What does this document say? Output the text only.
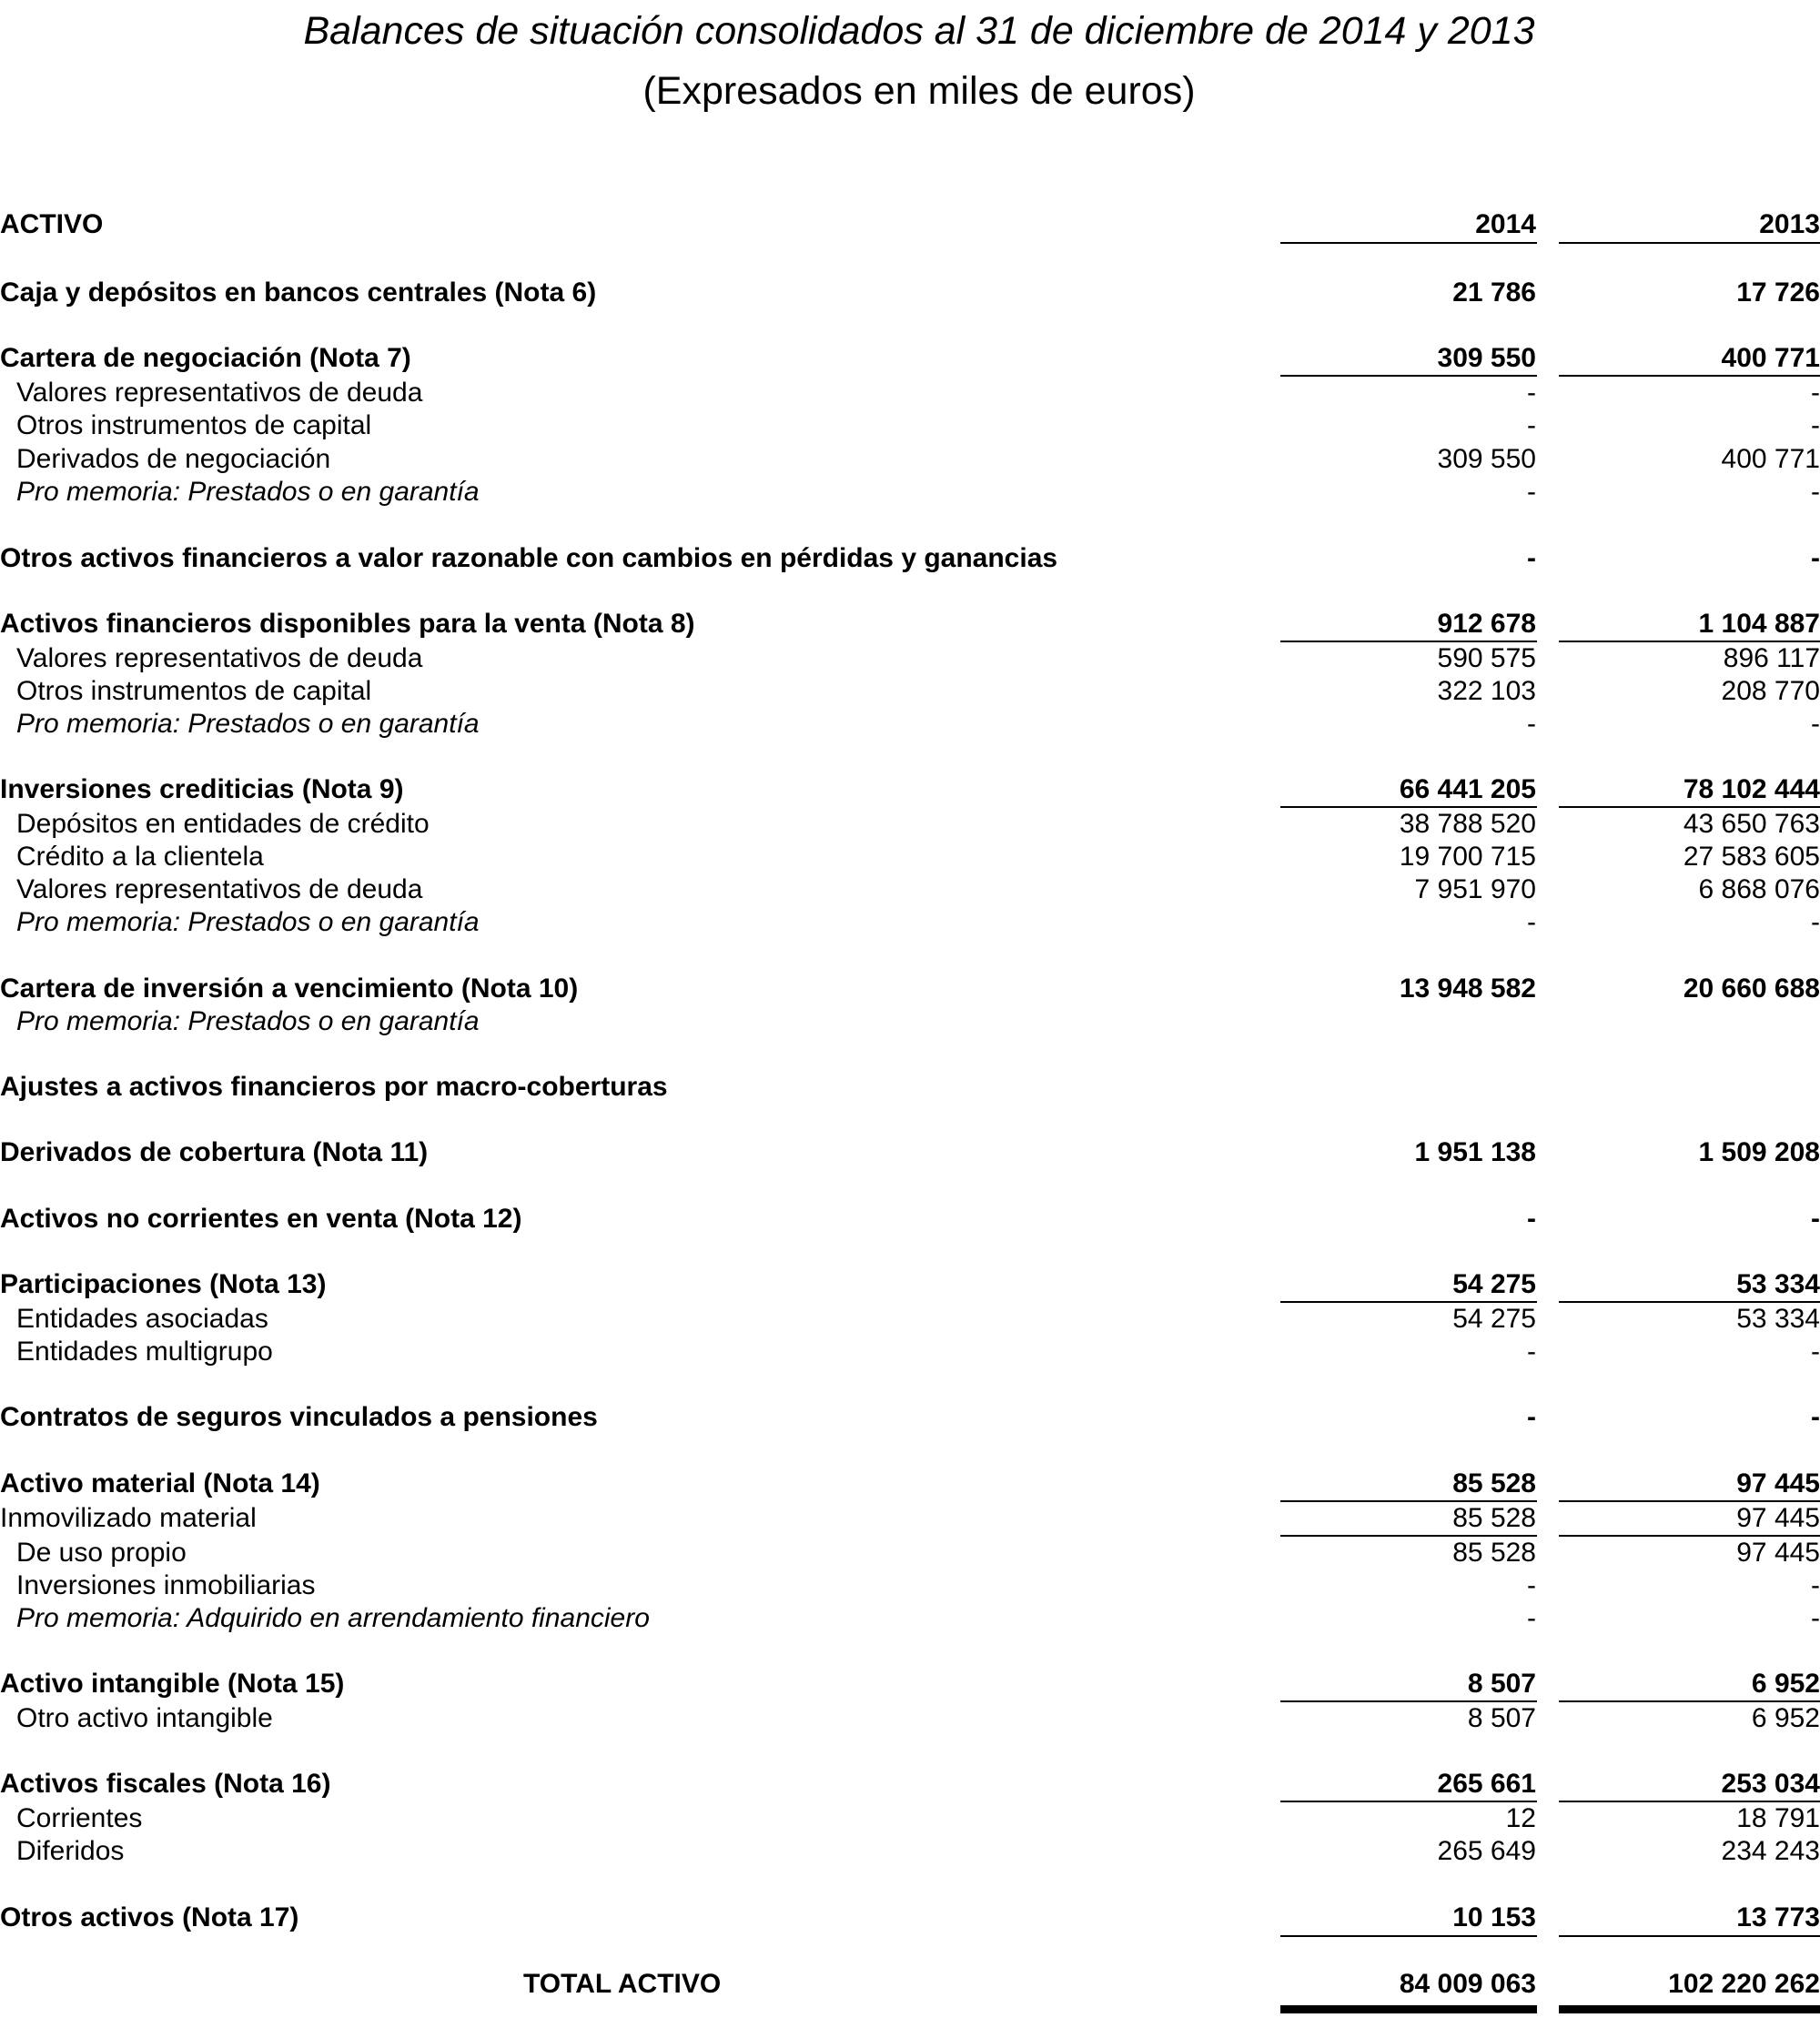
Balances de situación consolidados al 31 de diciembre de 2014 y 2013
(Expresados en miles de euros)
ACTIVO	2014	2013
Caja y depósitos en bancos centrales (Nota 6)	21 786	17 726
Cartera de negociación (Nota 7)	309 550	400 771
Valores representativos de deuda	-	-
Otros instrumentos de capital	-	-
Derivados de negociación	309 550	400 771
Pro memoria: Prestados o en garantía	-	-
Otros activos financieros a valor razonable con cambios en pérdidas y ganancias	-	-
Activos financieros disponibles para la venta (Nota 8)	912 678	1 104 887
Valores representativos de deuda	590 575	896 117
Otros instrumentos de capital	322 103	208 770
Pro memoria: Prestados o en garantía	-	-
Inversiones crediticias (Nota 9)	66 441 205	78 102 444
Depósitos en entidades de crédito	38 788 520	43 650 763
Crédito a la clientela	19 700 715	27 583 605
Valores representativos de deuda	7 951 970	6 868 076
Pro memoria: Prestados o en garantía	-	-
Cartera de inversión a vencimiento (Nota 10)	13 948 582	20 660 688
Pro memoria: Prestados o en garantía
Ajustes a activos financieros por macro-coberturas
Derivados de cobertura (Nota 11)	1 951 138	1 509 208
Activos no corrientes en venta (Nota 12)	-	-
Participaciones (Nota 13)	54 275	53 334
Entidades asociadas	54 275	53 334
Entidades multigrupo	-	-
Contratos de seguros vinculados a pensiones	-	-
Activo material (Nota 14)	85 528	97 445
Inmovilizado material	85 528	97 445
De uso propio	85 528	97 445
Inversiones inmobiliarias	-	-
Pro memoria: Adquirido en arrendamiento financiero	-	-
Activo intangible (Nota 15)	8 507	6 952
Otro activo intangible	8 507	6 952
Activos fiscales (Nota 16)	265 661	253 034
Corrientes	12	18 791
Diferidos	265 649	234 243
Otros activos (Nota 17)	10 153	13 773
TOTAL ACTIVO	84 009 063	102 220 262
